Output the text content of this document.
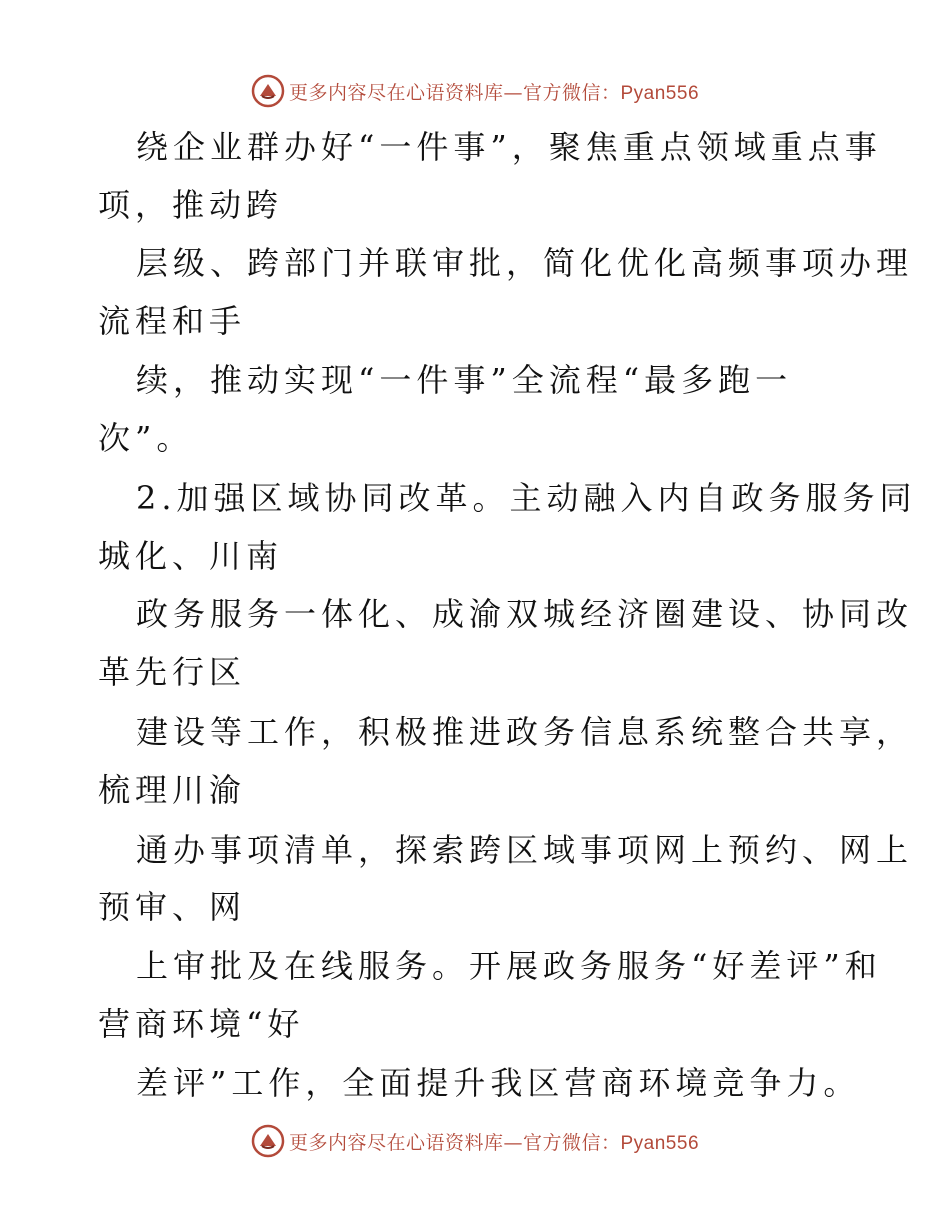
更多内容尽在心语资料库—官方微信：Pyan556
绕企业群办好“一件事”，聚焦重点领域重点事
项，推动跨
层级、跨部门并联审批，简化优化高频事项办理
流程和手
续，推动实现“一件事”全流程“最多跑一
次”。
2.加强区域协同改革。主动融入内自政务服务同
城化、川南
政务服务一体化、成渝双城经济圈建设、协同改
革先行区
建设等工作，积极推进政务信息系统整合共享，
梳理川渝
通办事项清单，探索跨区域事项网上预约、网上
预审、网
上审批及在线服务。开展政务服务“好差评”和
营商环境“好
差评”工作，全面提升我区营商环境竞争力。
更多内容尽在心语资料库—官方微信：Pyan556
